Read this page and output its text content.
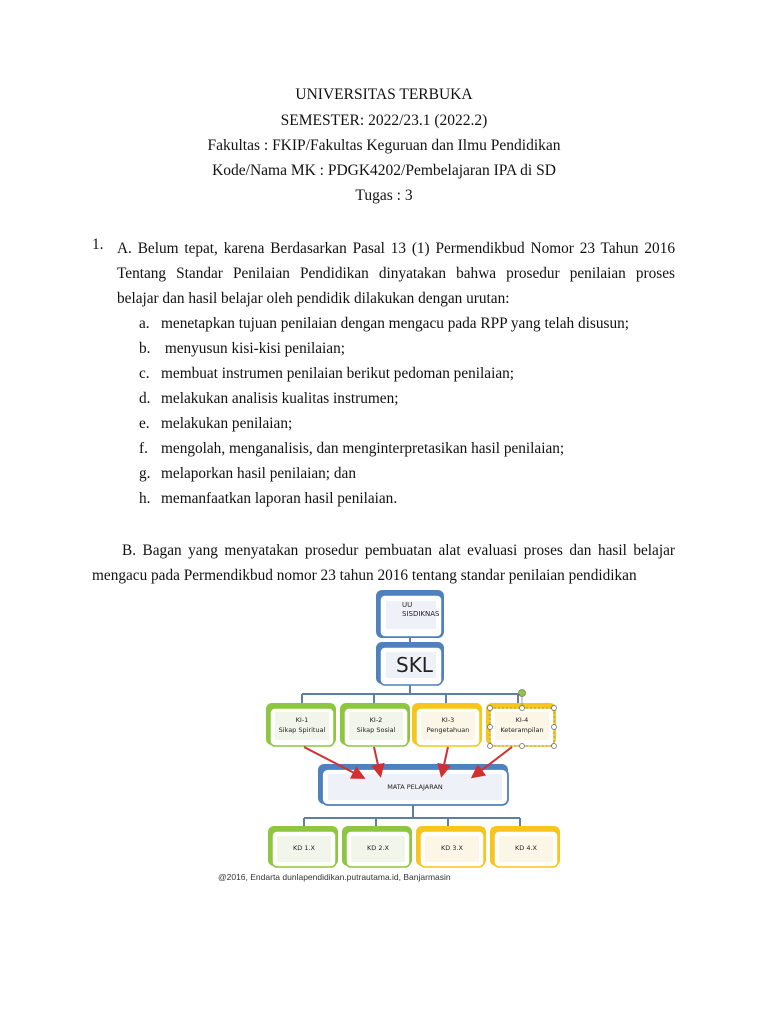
UNIVERSITAS TERBUKA
SEMESTER: 2022/23.1 (2022.2)
Fakultas : FKIP/Fakultas Keguruan dan Ilmu Pendidikan
Kode/Nama MK : PDGK4202/Pembelajaran IPA di SD
Tugas : 3
1. A. Belum tepat, karena Berdasarkan Pasal 13 (1) Permendikbud Nomor 23 Tahun 2016
Tentang Standar Penilaian Pendidikan dinyatakan bahwa prosedur penilaian proses
belajar dan hasil belajar oleh pendidik dilakukan dengan urutan:
a. menetapkan tujuan penilaian dengan mengacu pada RPP yang telah disusun;
b. menyusun kisi-kisi penilaian;
c. membuat instrumen penilaian berikut pedoman penilaian;
d. melakukan analisis kualitas instrumen;
e. melakukan penilaian;
f. mengolah, menganalisis, dan menginterpretasikan hasil penilaian;
g. melaporkan hasil penilaian; dan
h. memanfaatkan laporan hasil penilaian.
B. Bagan yang menyatakan prosedur pembuatan alat evaluasi proses dan hasil belajar
mengacu pada Permendikbud nomor 23 tahun 2016 tentang standar penilaian pendidikan
UU
SISDIKNAS
SKL
KI-1
Sikap Spiritual
KI-2
Sikap Sosial
KI-3
Pengetahuan
KI-4
Keterampilan
MATA PELAJARAN
KD 1.X	KD 2.X	KD 3.X	KD 4.X
@2016, Endarta dunlapendidikan.putrautama.id, Banjarmasin
